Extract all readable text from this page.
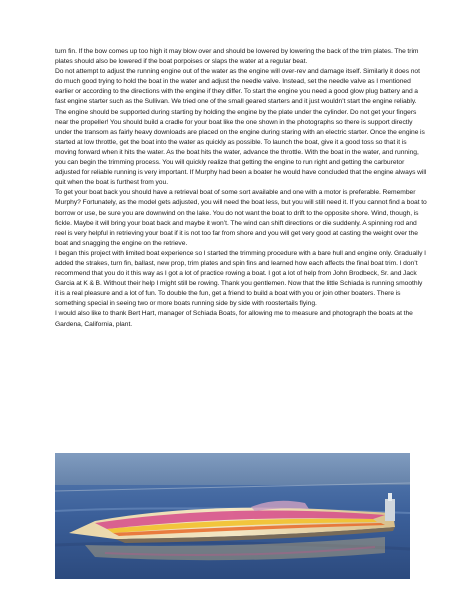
turn fin. If the bow comes up too high it may blow over and should be lowered by lowering the back of the trim plates. The trim plates should also be lowered if the boat porpoises or slaps the water at a regular beat.

Do not attempt to adjust the running engine out of the water as the engine will over-rev and damage itself. Similarly it does not do much good trying to hold the boat in the water and adjust the needle valve. Instead, set the needle valve as I mentioned earlier or according to the directions with the engine if they differ. To start the engine you need a good glow plug battery and a fast engine starter such as the Sullivan. We tried one of the small geared starters and it just wouldn’t start the engine reliably. The engine should be supported during starting by holding the engine by the plate under the cylinder. Do not get your fingers near the propeller! You should build a cradle for your boat like the one shown in the photographs so there is support directly under the transom as fairly heavy downloads are placed on the engine during staring with an electric starter. Once the engine is started at low throttle, get the boat into the water as quickly as possible. To launch the boat, give it a good toss so that it is moving forward when it hits the water. As the boat hits the water, advance the throttle. With the boat in the water, and running, you can begin the trimming process. You will quickly realize that getting the engine to run right and getting the carburetor adjusted for reliable running is very important. If Murphy had been a boater he would have concluded that the engine always will quit when the boat is furthest from you.

To get your boat back you should have a retrieval boat of some sort available and one with a motor is preferable. Remember Murphy? Fortunately, as the model gets adjusted, you will need the boat less, but you will still need it. If you cannot find a boat to borrow or use, be sure you are downwind on the lake. You do not want the boat to drift to the opposite shore. Wind, though, is fickle. Maybe it will bring your boat back and maybe it won’t. The wind can shift directions or die suddenly. A spinning rod and reel is very helpful in retrieving your boat if it is not too far from shore and you will get very good at casting the weight over the boat and snagging the engine on the retrieve.

I began this project with limited boat experience so I started the trimming procedure with a bare hull and engine only. Gradually I added the strakes, turn fin, ballast, new prop, trim plates and spin fins and learned how each affects the final boat trim. I don’t recommend that you do it this way as I got a lot of practice rowing a boat. I got a lot of help from John Brodbeck, Sr. and Jack Garcia at K & B. Without their help I might still be rowing. Thank you gentlemen. Now that the little Schiada is running smoothly it is a real pleasure and a lot of fun. To double the fun, get a friend to build a boat with you or join other boaters. There is something special in seeing two or more boats running side by side with roostertails flying.

I would also like to thank Bert Hart, manager of Schiada Boats, for allowing me to measure and photograph the boats at the Gardena, California, plant.
